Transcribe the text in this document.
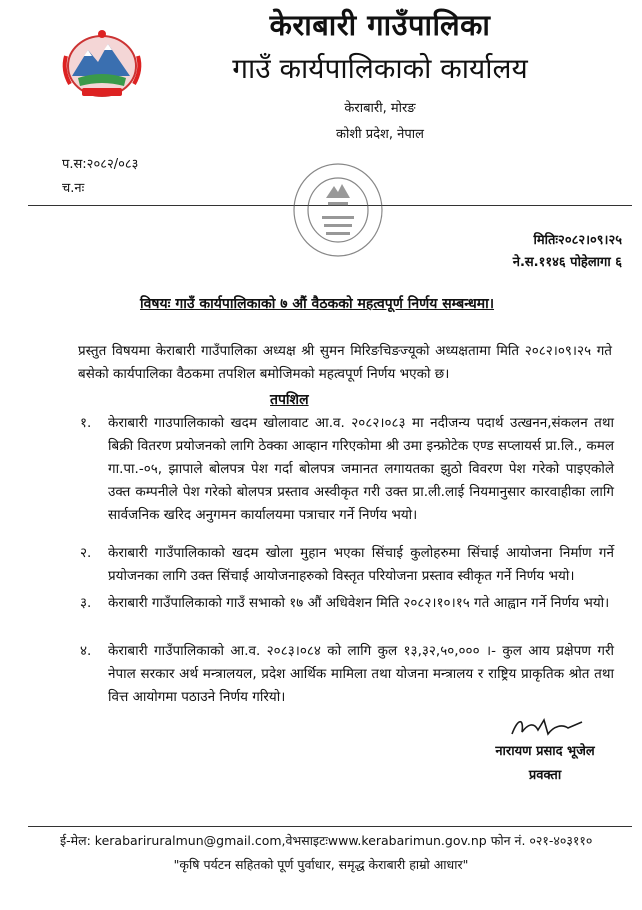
केराबारी गाउँपालिका
गाउँ कार्यपालिकाको कार्यालय
केराबारी, मोरङ
कोशी प्रदेश, नेपाल
प.स:२०८२/०८३
च.नः
मितिः२०८२।०९।२५
ने.स.११४६ पोहेलागा ६
विषयः गाउँ कार्यपालिकाको ७ औं वैठकको महत्वपूर्ण निर्णय सम्बन्धमा।
प्रस्तुत विषयमा केराबारी गाउँपालिका अध्यक्ष श्री सुमन मिरिङचिङज्यूको अध्यक्षतामा मिति २०८२।०९।२५ गते बसेको कार्यपालिका वैठकमा तपशिल बमोजिमको महत्वपूर्ण निर्णय भएको छ।
तपशिल
१.	केराबारी गाउपालिकाको खदम खोलावाट आ.व. २०८२।०८३ मा नदीजन्य पदार्थ उत्खनन,संकलन तथा बिक्री वितरण प्रयोजनको लागि ठेक्का आव्हान गरिएकोमा श्री उमा इन्फ्रोटेक एण्ड सप्लायर्स प्रा.लि., कमल गा.पा.-०५, झापाले बोलपत्र पेश गर्दा बोलपत्र जमानत लगायतका झुठो विवरण पेश गरेको पाइएकोले उक्त कम्पनीले पेश गरेको बोलपत्र प्रस्ताव अस्वीकृत गरी उक्त प्रा.ली.लाई नियमानुसार कारवाहीका लागि सार्वजनिक खरिद अनुगमन कार्यालयमा पत्राचार गर्ने निर्णय भयो।
२.	केराबारी गाउँपालिकाको खदम खोला मुहान भएका सिंचाई कुलोहरुमा सिंचाई आयोजना निर्माण गर्ने प्रयोजनका लागि उक्त सिंचाई आयोजनाहरुको विस्तृत परियोजना प्रस्ताव स्वीकृत गर्ने निर्णय भयो।
३.	केराबारी गाउँपालिकाको गाउँ सभाको १७ औं अधिवेशन मिति २०८२।१०।१५ गते आह्वान गर्ने निर्णय भयो।
४.	केराबारी गाउँपालिकाको आ.व. २०८३।०८४ को लागि कुल १३,३२,५०,००० ।- कुल आय प्रक्षेपण गरी नेपाल सरकार अर्थ मन्त्रालयल, प्रदेश आर्थिक मामिला तथा योजना मन्त्रालय र राष्ट्रिय प्राकृतिक श्रोत तथा वित्त आयोगमा पठाउने निर्णय गरियो।
नारायण प्रसाद भूजेल
प्रवक्ता
ई-मेल: kerabariruralmun@gmail.com,वेभसाइटःwww.kerabarimun.gov.np फोन नं. ०२१-४०३११०
"कृषि पर्यटन सहितको पूर्ण पुर्वाधार, समृद्ध केराबारी हाम्रो आधार"
